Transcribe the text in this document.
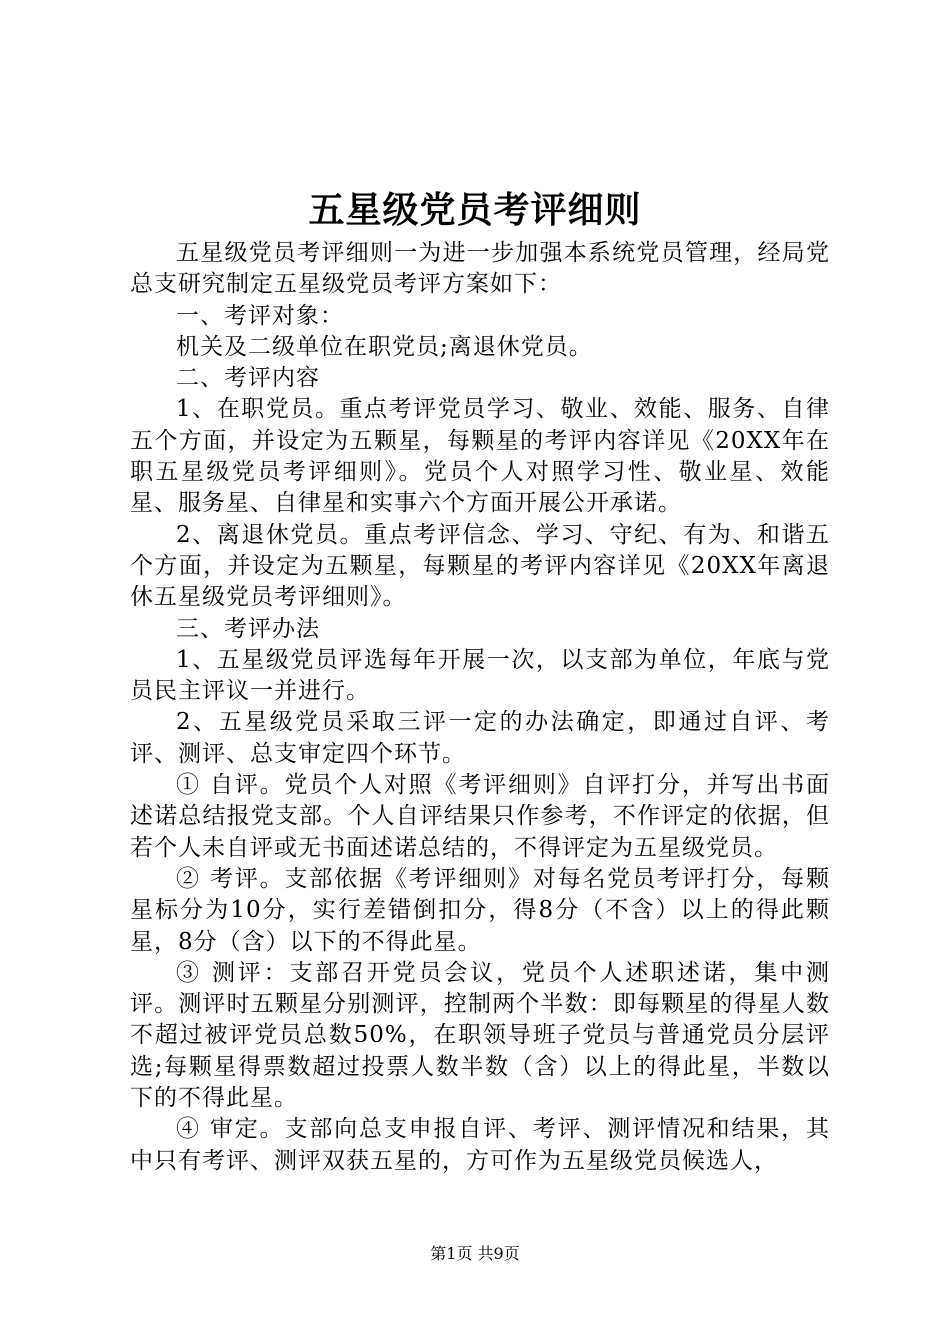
五星级党员考评细则

五星级党员考评细则一为进一步加强本系统党员管理，经局党总支研究制定五星级党员考评方案如下：

一、考评对象：

机关及二级单位在职党员;离退休党员。

二、考评内容

1、在职党员。重点考评党员学习、敬业、效能、服务、自律五个方面，并设定为五颗星，每颗星的考评内容详见《20XX年在职五星级党员考评细则》。党员个人对照学习性、敬业星、效能星、服务星、自律星和实事六个方面开展公开承诺。

2、离退休党员。重点考评信念、学习、守纪、有为、和谐五个方面，并设定为五颗星，每颗星的考评内容详见《20XX年离退休五星级党员考评细则》。

三、考评办法

1、五星级党员评选每年开展一次，以支部为单位，年底与党员民主评议一并进行。

2、五星级党员采取三评一定的办法确定，即通过自评、考评、测评、总支审定四个环节。

① 自评。党员个人对照《考评细则》自评打分，并写出书面述诺总结报党支部。个人自评结果只作参考，不作评定的依据，但若个人未自评或无书面述诺总结的，不得评定为五星级党员。

② 考评。支部依据《考评细则》对每名党员考评打分，每颗星标分为10分，实行差错倒扣分，得8分（不含）以上的得此颗星，8分（含）以下的不得此星。

③ 测评：支部召开党员会议，党员个人述职述诺，集中测评。测评时五颗星分别测评，控制两个半数：即每颗星的得星人数不超过被评党员总数50%，在职领导班子党员与普通党员分层评选;每颗星得票数超过投票人数半数（含）以上的得此星，半数以下的不得此星。

④ 审定。支部向总支申报自评、考评、测评情况和结果，其中只有考评、测评双获五星的，方可作为五星级党员候选人，

第1页 共9页
